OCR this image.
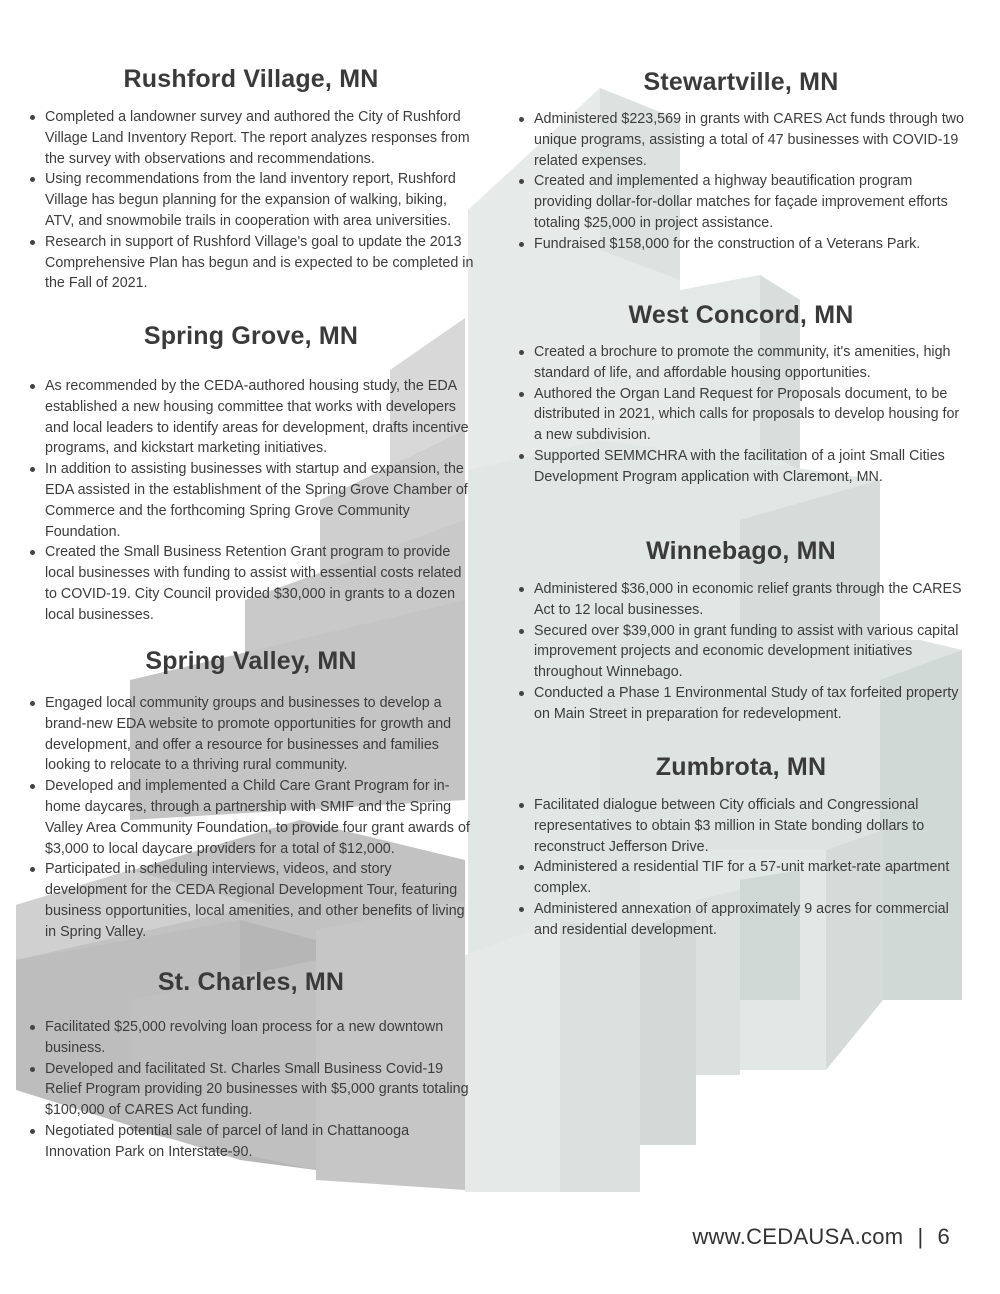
Rushford Village, MN
Completed a landowner survey and authored the City of Rushford Village Land Inventory Report. The report analyzes responses from the survey with observations and recommendations.
Using recommendations from the land inventory report, Rushford Village has begun planning for the expansion of walking, biking, ATV, and snowmobile trails in cooperation with area universities.
Research in support of Rushford Village's goal to update the 2013 Comprehensive Plan has begun and is expected to be completed in the Fall of 2021.
Spring Grove, MN
As recommended by the CEDA-authored housing study, the EDA established a new housing committee that works with developers and local leaders to identify areas for development, drafts incentive programs, and kickstart marketing initiatives.
In addition to assisting businesses with startup and expansion, the EDA assisted in the establishment of the Spring Grove Chamber of Commerce and the forthcoming Spring Grove Community Foundation.
Created the Small Business Retention Grant program to provide local businesses with funding to assist with essential costs related to COVID-19. City Council provided $30,000 in grants to a dozen local businesses.
Spring Valley, MN
Engaged local community groups and businesses to develop a brand-new EDA website to promote opportunities for growth and development, and offer a resource for businesses and families looking to relocate to a thriving rural community.
Developed and implemented a Child Care Grant Program for in-home daycares, through a partnership with SMIF and the Spring Valley Area Community Foundation, to provide four grant awards of $3,000 to local daycare providers for a total of $12,000.
Participated in scheduling interviews, videos, and story development for the CEDA Regional Development Tour, featuring business opportunities, local amenities, and other benefits of living in Spring Valley.
St. Charles, MN
Facilitated $25,000 revolving loan process for a new downtown business.
Developed and facilitated St. Charles Small Business Covid-19 Relief Program providing 20 businesses with $5,000 grants totaling $100,000 of CARES Act funding.
Negotiated potential sale of parcel of land in Chattanooga Innovation Park on Interstate-90.
Stewartville, MN
Administered $223,569 in grants with CARES Act funds through two unique programs, assisting a total of 47 businesses with COVID-19 related expenses.
Created and implemented a highway beautification program providing dollar-for-dollar matches for façade improvement efforts totaling $25,000 in project assistance.
Fundraised $158,000 for the construction of a Veterans Park.
West Concord, MN
Created a brochure to promote the community, it's amenities, high standard of life, and affordable housing opportunities.
Authored the Organ Land Request for Proposals document, to be distributed in 2021, which calls for proposals to develop housing for a new subdivision.
Supported SEMMCHRA with the facilitation of a joint Small Cities Development Program application with Claremont, MN.
Winnebago, MN
Administered $36,000 in economic relief grants through the CARES Act to 12 local businesses.
Secured over $39,000 in grant funding to assist with various capital improvement projects and economic development initiatives throughout Winnebago.
Conducted a Phase 1 Environmental Study of tax forfeited property on Main Street in preparation for redevelopment.
Zumbrota, MN
Facilitated dialogue between City officials and Congressional representatives to obtain $3 million in State bonding dollars to reconstruct Jefferson Drive.
Administered a residential TIF for a 57-unit market-rate apartment complex.
Administered annexation of approximately 9 acres for commercial and residential development.
www.CEDAUSA.com | 6
